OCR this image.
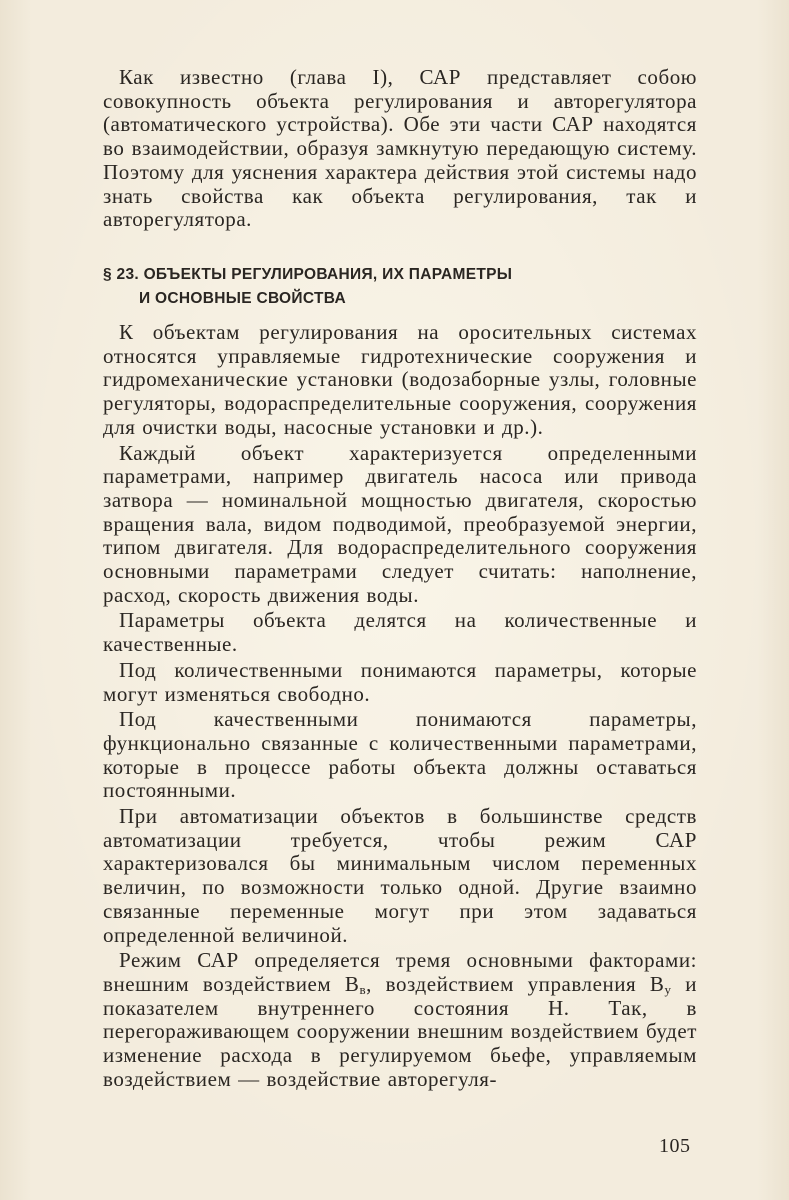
Как известно (глава I), САР представляет собою совокупность объекта регулирования и авторегулятора (автоматического устройства). Обе эти части САР находятся во взаимодействии, образуя замкнутую передающую систему. Поэтому для уяснения характера действия этой системы надо знать свойства как объекта регулирования, так и авторегулятора.

§ 23. ОБЪЕКТЫ РЕГУЛИРОВАНИЯ, ИХ ПАРАМЕТРЫ
И ОСНОВНЫЕ СВОЙСТВА

К объектам регулирования на оросительных системах относятся управляемые гидротехнические сооружения и гидромеханические установки (водозаборные узлы, головные регуляторы, водораспределительные сооружения, сооружения для очистки воды, насосные установки и др.).

Каждый объект характеризуется определенными параметрами, например двигатель насоса или привода затвора — номинальной мощностью двигателя, скоростью вращения вала, видом подводимой, преобразуемой энергии, типом двигателя. Для водораспределительного сооружения основными параметрами следует считать: наполнение, расход, скорость движения воды.

Параметры объекта делятся на количественные и качественные.

Под количественными понимаются параметры, которые могут изменяться свободно.

Под качественными понимаются параметры, функционально связанные с количественными параметрами, которые в процессе работы объекта должны оставаться постоянными.

При автоматизации объектов в большинстве средств автоматизации требуется, чтобы режим САР характеризовался бы минимальным числом переменных величин, по возможности только одной. Другие взаимно связанные переменные могут при этом задаваться определенной величиной.

Режим САР определяется тремя основными факторами: внешним воздействием $В_в$, воздействием управления $В_у$ и показателем внутреннего состояния Н. Так, в перегораживающем сооружении внешним воздействием будет изменение расхода в регулируемом бьефе, управляемым воздействием — воздействие авторегуля-

105
